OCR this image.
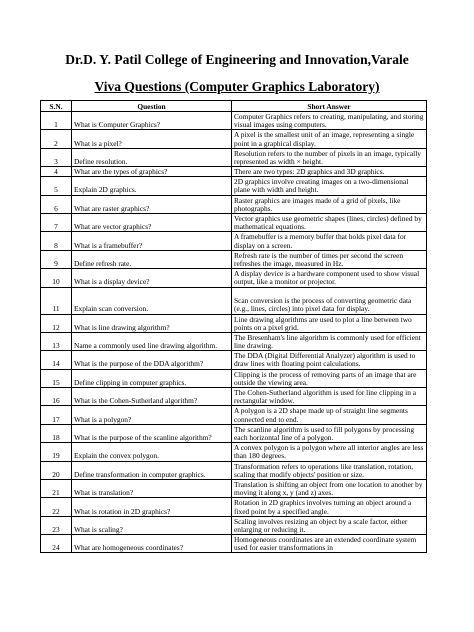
Dr.D. Y. Patil College of Engineering and Innovation,Varale
Viva Questions (Computer Graphics Laboratory)
S.N.	Question	Short Answer
1	What is Computer Graphics?	Computer Graphics refers to creating, manipulating, and storing visual images using computers.
2	What is a pixel?	A pixel is the smallest unit of an image, representing a single point in a graphical display.
3	Define resolution.	Resolution refers to the number of pixels in an image, typically represented as width × height.
4	What are the types of graphics?	There are two types: 2D graphics and 3D graphics.
5	Explain 2D graphics.	2D graphics involve creating images on a two-dimensional plane with width and height.
6	What are raster graphics?	Raster graphics are images made of a grid of pixels, like photographs.
7	What are vector graphics?	Vector graphics use geometric shapes (lines, circles) defined by mathematical equations.
8	What is a framebuffer?	A framebuffer is a memory buffer that holds pixel data for display on a screen.
9	Define refresh rate.	Refresh rate is the number of times per second the screen refreshes the image, measured in Hz.
10	What is a display device?	A display device is a hardware component used to show visual output, like a monitor or projector.
11	Explain scan conversion.	Scan conversion is the process of converting geometric data (e.g., lines, circles) into pixel data for display.
12	What is line drawing algorithm?	Line drawing algorithms are used to plot a line between two points on a pixel grid.
13	Name a commonly used line drawing algorithm.	The Bresenham's line algorithm is commonly used for efficient line drawing.
14	What is the purpose of the DDA algorithm?	The DDA (Digital Differential Analyzer) algorithm is used to draw lines with floating point calculations.
15	Define clipping in computer graphics.	Clipping is the process of removing parts of an image that are outside the viewing area.
16	What is the Cohen-Sutherland algorithm?	The Cohen-Sutherland algorithm is used for line clipping in a rectangular window.
17	What is a polygon?	A polygon is a 2D shape made up of straight line segments connected end to end.
18	What is the purpose of the scanline algorithm?	The scanline algorithm is used to fill polygons by processing each horizontal line of a polygon.
19	Explain the convex polygon.	A convex polygon is a polygon where all interior angles are less than 180 degrees.
20	Define transformation in computer graphics.	Transformation refers to operations like translation, rotation, scaling that modify objects' position or size.
21	What is translation?	Translation is shifting an object from one location to another by moving it along x, y (and z) axes.
22	What is rotation in 2D graphics?	Rotation in 2D graphics involves turning an object around a fixed point by a specified angle.
23	What is scaling?	Scaling involves resizing an object by a scale factor, either enlarging or reducing it.
24	What are homogeneous coordinates?	Homogeneous coordinates are an extended coordinate system used for easier transformations in
